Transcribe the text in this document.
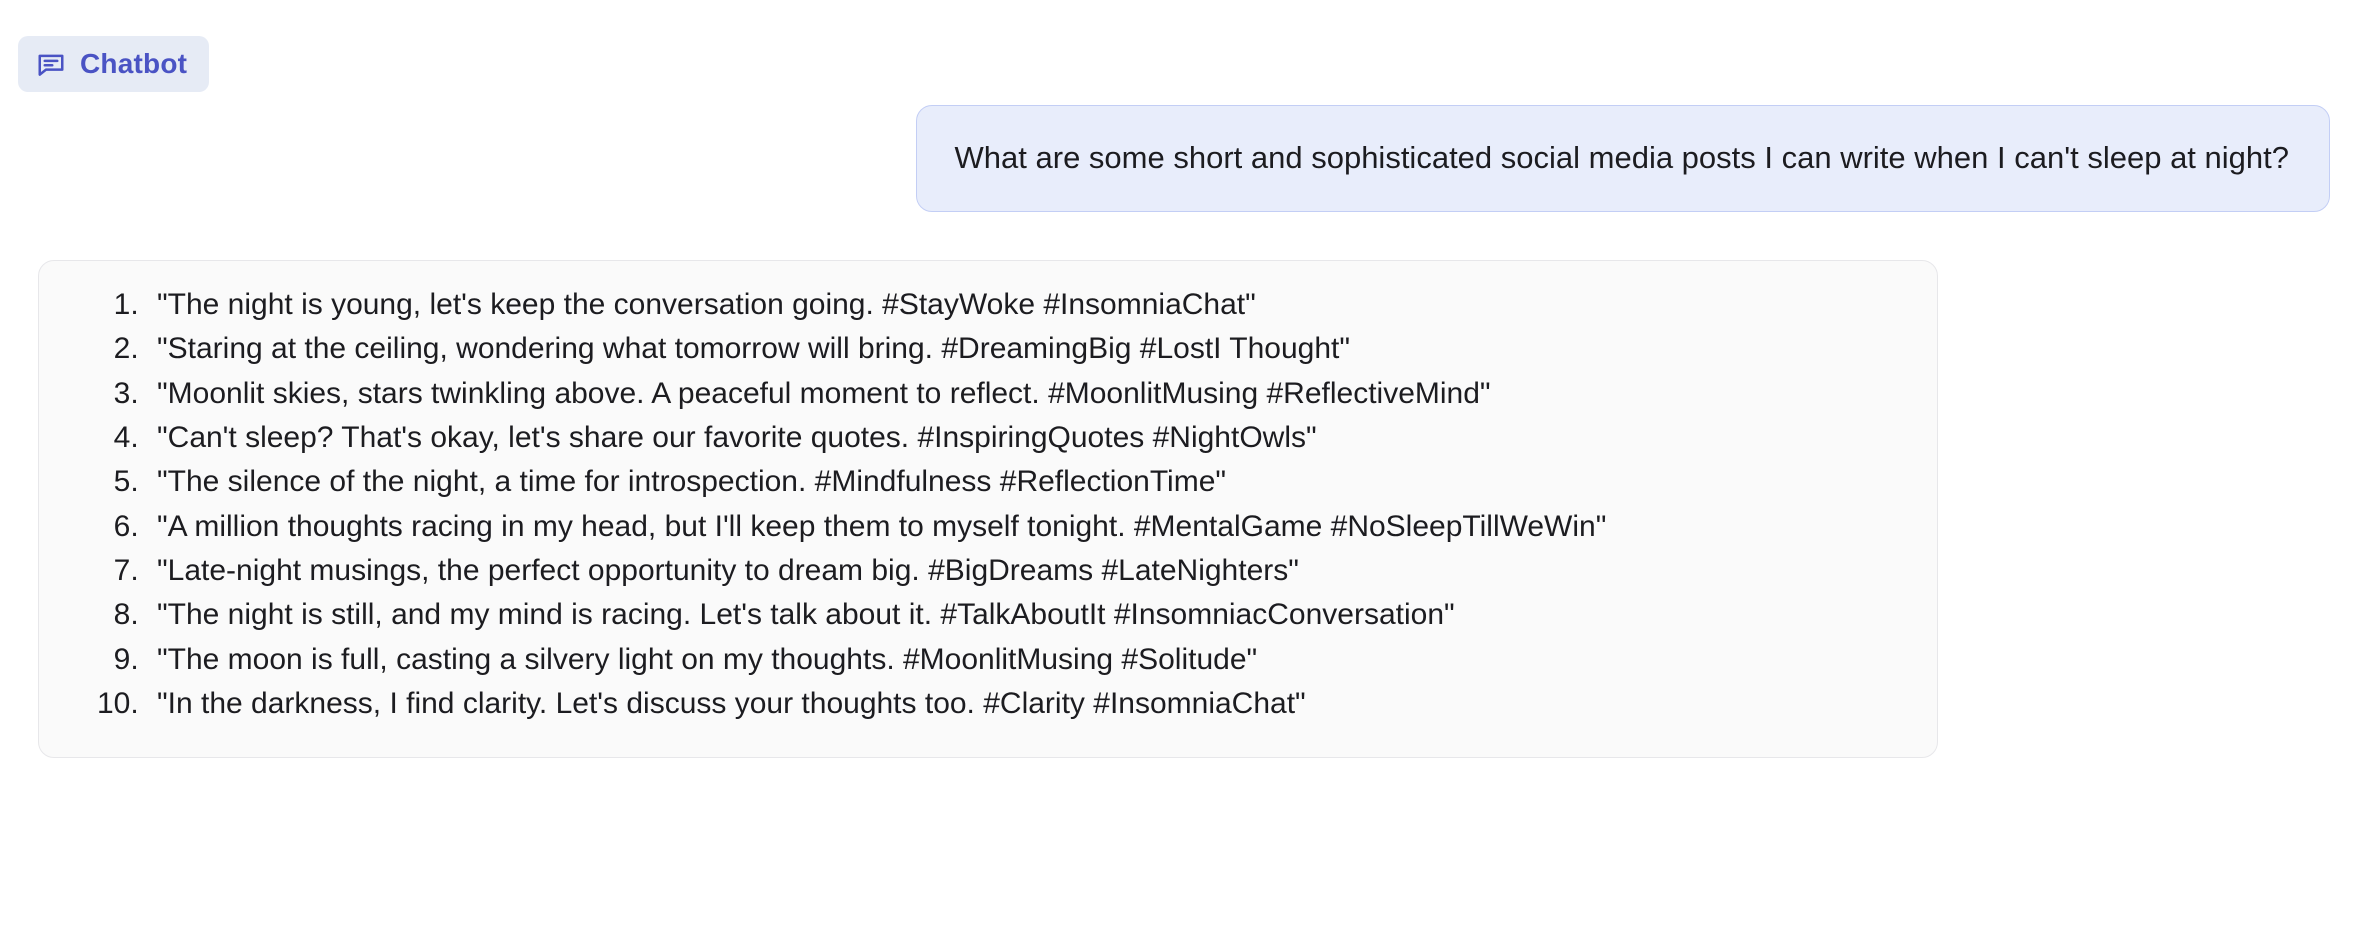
Chatbot
What are some short and sophisticated social media posts I can write when I can't sleep at night?
1. "The night is young, let's keep the conversation going. #StayWoke #InsomniaChat"
2. "Staring at the ceiling, wondering what tomorrow will bring. #DreamingBig #LostI Thought"
3. "Moonlit skies, stars twinkling above. A peaceful moment to reflect. #MoonlitMusing #ReflectiveMind"
4. "Can't sleep? That's okay, let's share our favorite quotes. #InspiringQuotes #NightOwls"
5. "The silence of the night, a time for introspection. #Mindfulness #ReflectionTime"
6. "A million thoughts racing in my head, but I'll keep them to myself tonight. #MentalGame #NoSleepTillWeWin"
7. "Late-night musings, the perfect opportunity to dream big. #BigDreams #LateNighters"
8. "The night is still, and my mind is racing. Let's talk about it. #TalkAboutIt #InsomniacConversation"
9. "The moon is full, casting a silvery light on my thoughts. #MoonlitMusing #Solitude"
10. "In the darkness, I find clarity. Let's discuss your thoughts too. #Clarity #InsomniaChat"
